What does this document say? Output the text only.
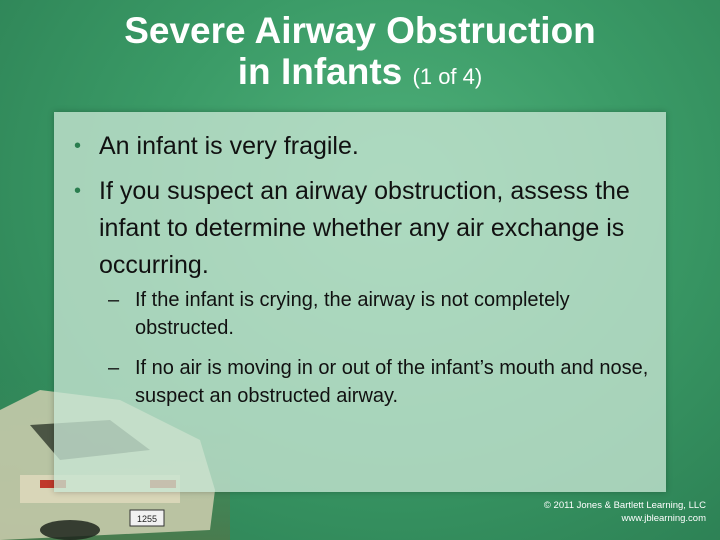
Severe Airway Obstruction
in Infants (1 of 4)
1255
• An infant is very fragile.
• If you suspect an airway obstruction, assess the infant to determine whether any air exchange is occurring.
– If the infant is crying, the airway is not completely obstructed.
– If no air is moving in or out of the infant’s mouth and nose, suspect an obstructed airway.
© 2011 Jones & Bartlett Learning, LLC
www.jblearning.com
